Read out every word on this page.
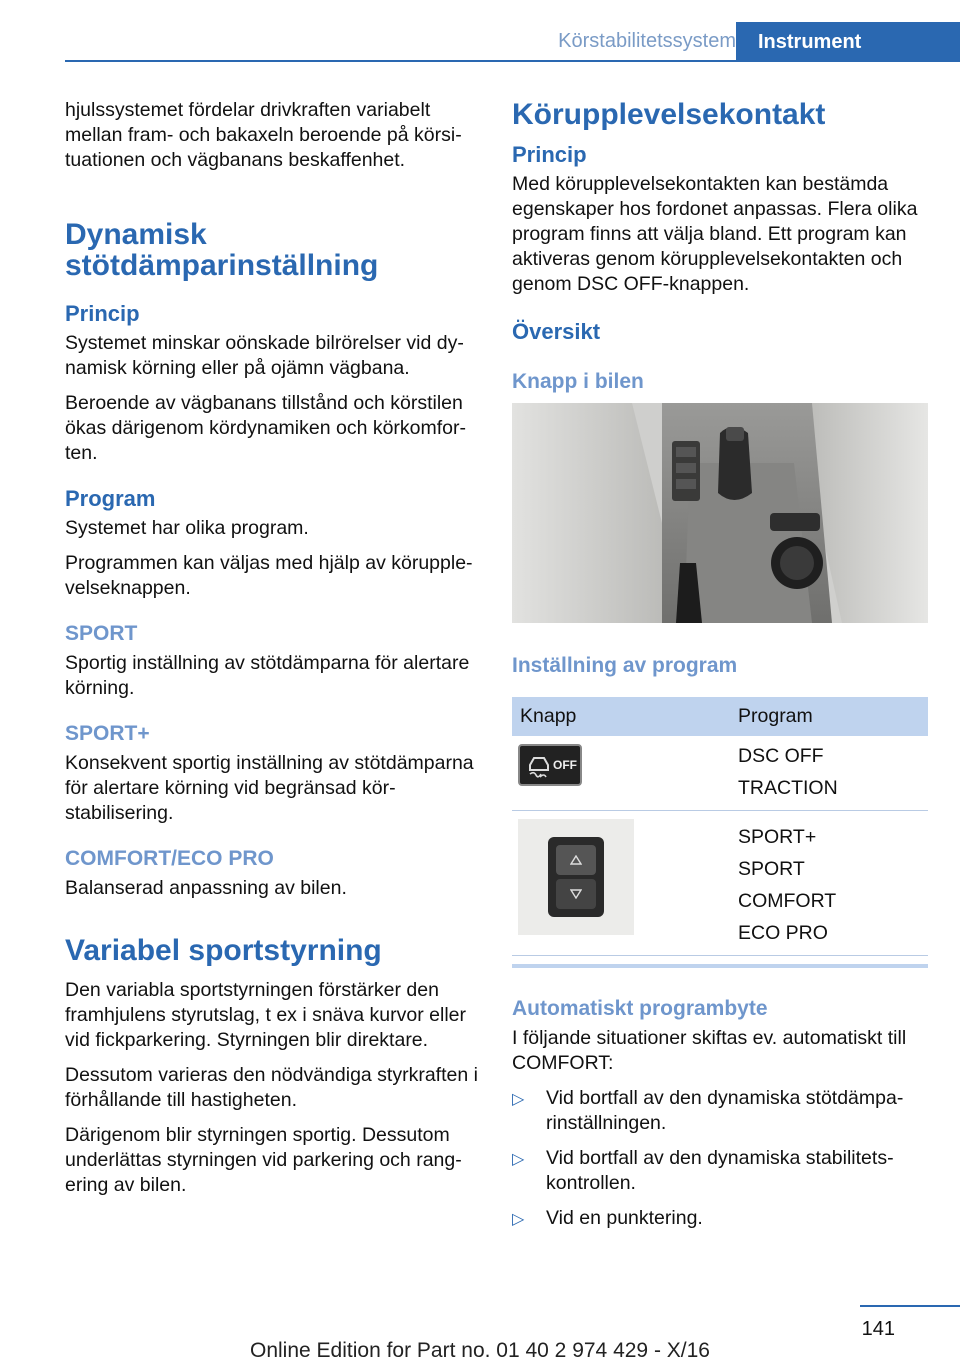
Körstabilitetssystem	Instrument

hjulssystemet fördelar drivkraften variabelt mellan fram- och bakaxeln beroende på körsituationen och vägbanans beskaffenhet.

Dynamisk stötdämparinställning
Princip

Systemet minskar oönskade bilrörelser vid dynamisk körning eller på ojämn vägbana.

Beroende av vägbanans tillstånd och körstilen ökas därigenom kördynamiken och körkomforten.

Program

Systemet har olika program.

Programmen kan väljas med hjälp av körupplevelseknappen.

SPORT

Sportig inställning av stötdämparna för alertare körning.

SPORT+

Konsekvent sportig inställning av stötdämparna för alertare körning vid begränsad körstabilisering.

COMFORT/ECO PRO

Balanserad anpassning av bilen.

Variabel sportstyrning

Den variabla sportstyrningen förstärker den framhjulens styrutslag, t ex i snäva kurvor eller vid fickparkering. Styrningen blir direktare.

Dessutom varieras den nödvändiga styrkraften i förhållande till hastigheten.

Därigenom blir styrningen sportig. Dessutom underlättas styrningen vid parkering och rangering av bilen.

Körupplevelsekontakt
Princip

Med körupplevelsekontakten kan bestämda egenskaper hos fordonet anpassas. Flera olika program finns att välja bland. Ett program kan aktiveras genom körupplevelsekontakten och genom DSC OFF-knappen.

Översikt
Knapp i bilen
Inställning av program
Knapp	Program

OFF	DSC OFF
TRACTION

SPORT+
SPORT
COMFORT
ECO PRO
Automatiskt programbyte

I följande situationer skiftas ev. automatiskt till COMFORT:

▷ Vid bortfall av den dynamiska stötdämparinställningen.
▷ Vid bortfall av den dynamiska stabilitetskontrollen.
▷ Vid en punktering.
141
Online Edition for Part no. 01 40 2 974 429 - X/16
